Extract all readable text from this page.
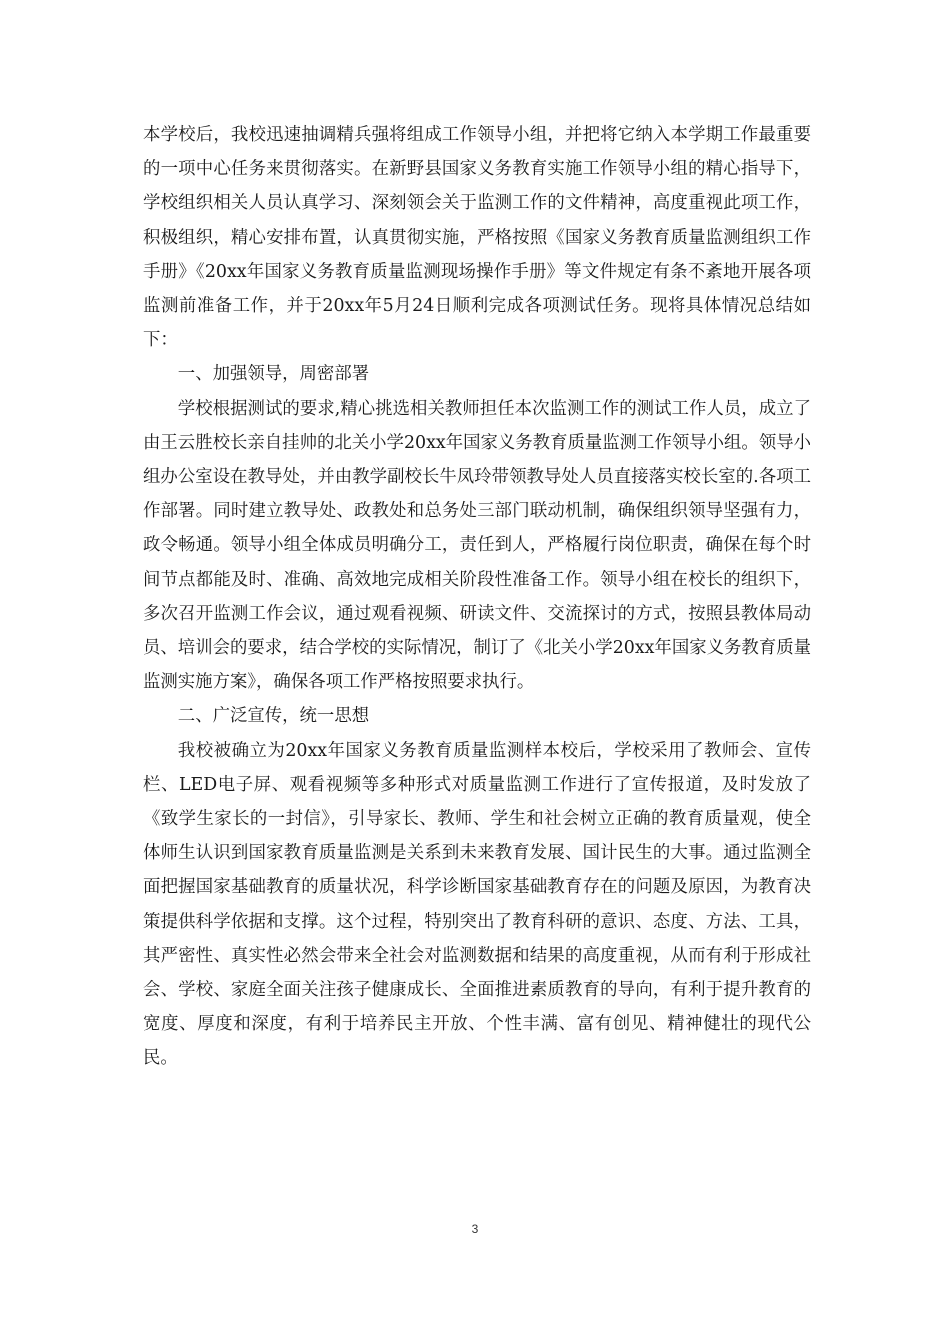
本学校后，我校迅速抽调精兵强将组成工作领导小组，并把将它纳入本学期工作最重要的一项中心任务来贯彻落实。在新野县国家义务教育实施工作领导小组的精心指导下，学校组织相关人员认真学习、深刻领会关于监测工作的文件精神，高度重视此项工作，积极组织，精心安排布置，认真贯彻实施，严格按照《国家义务教育质量监测组织工作手册》《20xx年国家义务教育质量监测现场操作手册》等文件规定有条不紊地开展各项监测前准备工作，并于20xx年5月24日顺利完成各项测试任务。现将具体情况总结如下：

一、加强领导，周密部署

学校根据测试的要求,精心挑选相关教师担任本次监测工作的测试工作人员，成立了由王云胜校长亲自挂帅的北关小学20xx年国家义务教育质量监测工作领导小组。领导小组办公室设在教导处，并由教学副校长牛凤玲带领教导处人员直接落实校长室的.各项工作部署。同时建立教导处、政教处和总务处三部门联动机制，确保组织领导坚强有力，政令畅通。领导小组全体成员明确分工，责任到人，严格履行岗位职责，确保在每个时间节点都能及时、准确、高效地完成相关阶段性准备工作。领导小组在校长的组织下，多次召开监测工作会议，通过观看视频、研读文件、交流探讨的方式，按照县教体局动员、培训会的要求，结合学校的实际情况，制订了《北关小学20xx年国家义务教育质量监测实施方案》，确保各项工作严格按照要求执行。

二、广泛宣传，统一思想

我校被确立为20xx年国家义务教育质量监测样本校后，学校采用了教师会、宣传栏、LED电子屏、观看视频等多种形式对质量监测工作进行了宣传报道，及时发放了《致学生家长的一封信》，引导家长、教师、学生和社会树立正确的教育质量观，使全体师生认识到国家教育质量监测是关系到未来教育发展、国计民生的大事。通过监测全面把握国家基础教育的质量状况，科学诊断国家基础教育存在的问题及原因，为教育决策提供科学依据和支撑。这个过程，特别突出了教育科研的意识、态度、方法、工具，其严密性、真实性必然会带来全社会对监测数据和结果的高度重视，从而有利于形成社会、学校、家庭全面关注孩子健康成长、全面推进素质教育的导向，有利于提升教育的宽度、厚度和深度，有利于培养民主开放、个性丰满、富有创见、精神健壮的现代公民。

3
